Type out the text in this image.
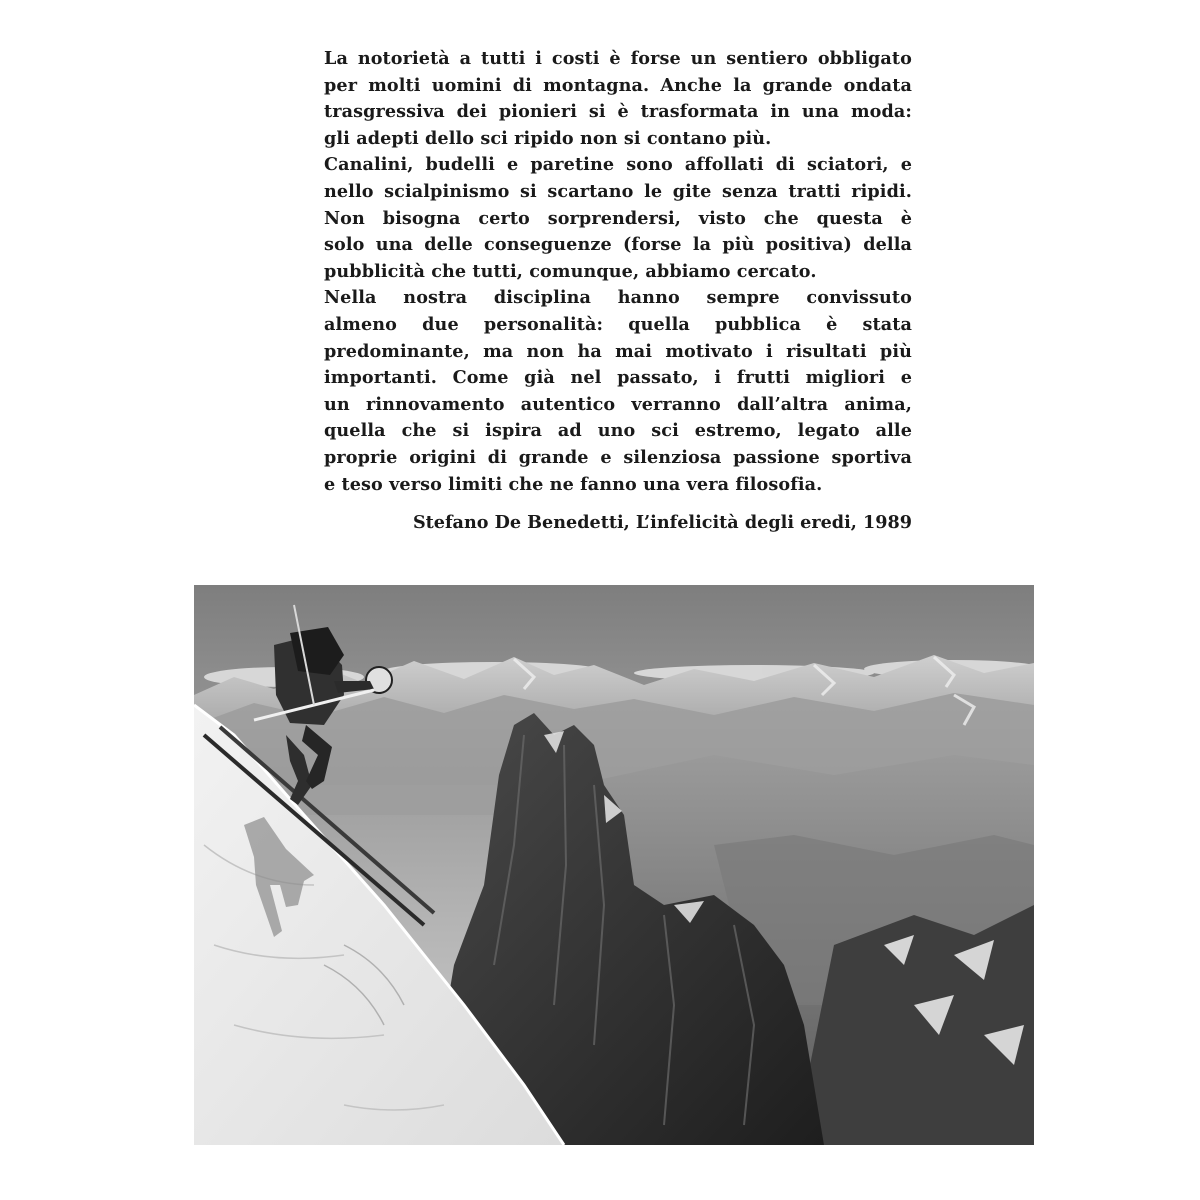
La notorietà a tutti i costi è forse un sentiero obbligato
per molti uomini di montagna. Anche la grande ondata
trasgressiva dei pionieri si è trasformata in una moda:
gli adepti dello sci ripido non si contano più.
Canalini, budelli e paretine sono affollati di sciatori, e
nello scialpinismo si scartano le gite senza tratti ripidi.
Non bisogna certo sorprendersi, visto che questa è
solo una delle conseguenze (forse la più positiva) della
pubblicità che tutti, comunque, abbiamo cercato.
Nella nostra disciplina hanno sempre convissuto
almeno due personalità: quella pubblica è stata
predominante, ma non ha mai motivato i risultati più
importanti. Come già nel passato, i frutti migliori e
un rinnovamento autentico verranno dall’altra anima,
quella che si ispira ad uno sci estremo, legato alle
proprie origini di grande e silenziosa passione sportiva
e teso verso limiti che ne fanno una vera filosofia.
Stefano De Benedetti, L’infelicità degli eredi, 1989
